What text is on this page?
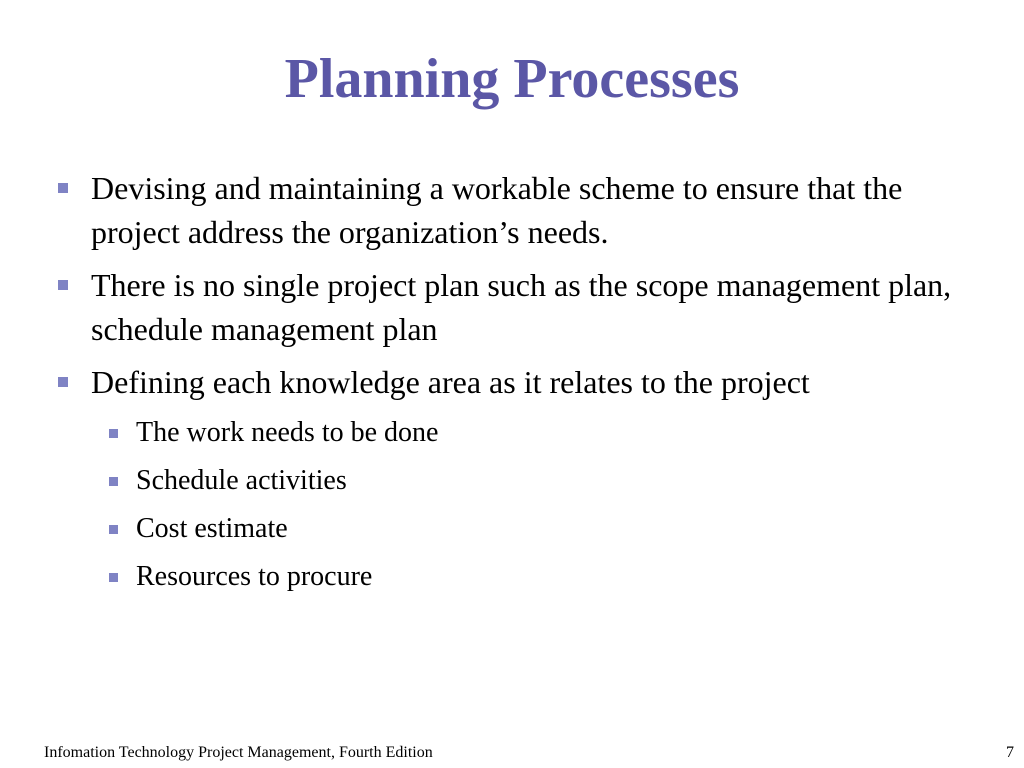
Planning Processes
Devising and maintaining a workable scheme to ensure that the project address the organization’s needs.
There is no single project plan such as the scope management plan, schedule management plan
Defining each knowledge area as it relates to the project
The work needs to be done
Schedule activities
Cost estimate
Resources to procure
Infomation Technology Project Management, Fourth Edition	7
